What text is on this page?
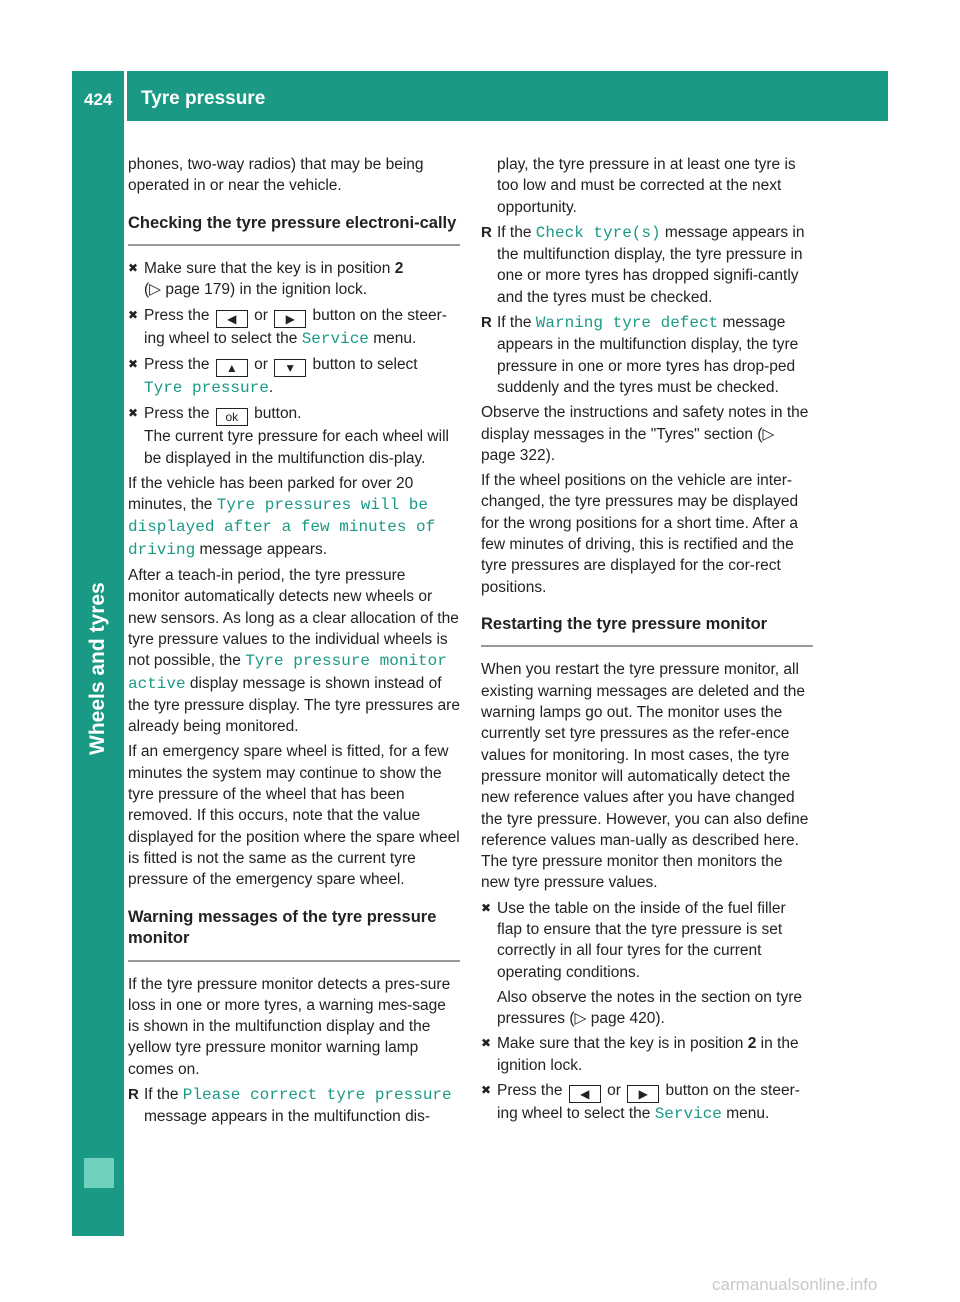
424 Tyre pressure
Wheels and tyres

phones, two-way radios) that may be being operated in or near the vehicle.

Checking the tyre pressure electroni-cally

✖ Make sure that the key is in position 2
(▷ page 179) in the ignition lock.

✖ Press the ◀ or ▶ button on the steer-ing wheel to select the Service menu.

✖ Press the ▲ or ▼ button to select Tyre pressure.

✖ Press the ok button.
The current tyre pressure for each wheel will be displayed in the multifunction dis-play.

If the vehicle has been parked for over 20 minutes, the Tyre pressures will be displayed after a few minutes of driving message appears.

After a teach-in period, the tyre pressure monitor automatically detects new wheels or new sensors. As long as a clear allocation of the tyre pressure values to the individual wheels is not possible, the Tyre pressure monitor active display message is shown instead of the tyre pressure display. The tyre pressures are already being monitored.

If an emergency spare wheel is fitted, for a few minutes the system may continue to show the tyre pressure of the wheel that has been removed. If this occurs, note that the value displayed for the position where the spare wheel is fitted is not the same as the current tyre pressure of the emergency spare wheel.

Warning messages of the tyre pressure monitor

If the tyre pressure monitor detects a pres-sure loss in one or more tyres, a warning mes-sage is shown in the multifunction display and the yellow tyre pressure monitor warning lamp comes on.

R If the Please correct tyre pressure message appears in the multifunction dis-

play, the tyre pressure in at least one tyre is too low and must be corrected at the next opportunity.

R If the Check tyre(s) message appears in the multifunction display, the tyre pressure in one or more tyres has dropped signifi-cantly and the tyres must be checked.

R If the Warning tyre defect message appears in the multifunction display, the tyre pressure in one or more tyres has drop-ped suddenly and the tyres must be checked.

Observe the instructions and safety notes in the display messages in the "Tyres" section (▷ page 322).

If the wheel positions on the vehicle are inter-changed, the tyre pressures may be displayed for the wrong positions for a short time. After a few minutes of driving, this is rectified and the tyre pressures are displayed for the cor-rect positions.

Restarting the tyre pressure monitor

When you restart the tyre pressure monitor, all existing warning messages are deleted and the warning lamps go out. The monitor uses the currently set tyre pressures as the refer-ence values for monitoring. In most cases, the tyre pressure monitor will automatically detect the new reference values after you have changed the tyre pressure. However, you can also define reference values man-ually as described here. The tyre pressure monitor then monitors the new tyre pressure values.

✖ Use the table on the inside of the fuel filler flap to ensure that the tyre pressure is set correctly in all four tyres for the current operating conditions.

Also observe the notes in the section on tyre pressures (▷ page 420).

✖ Make sure that the key is in position 2 in the ignition lock.

✖ Press the ◀ or ▶ button on the steer-ing wheel to select the Service menu.

carmanualsonline.info
